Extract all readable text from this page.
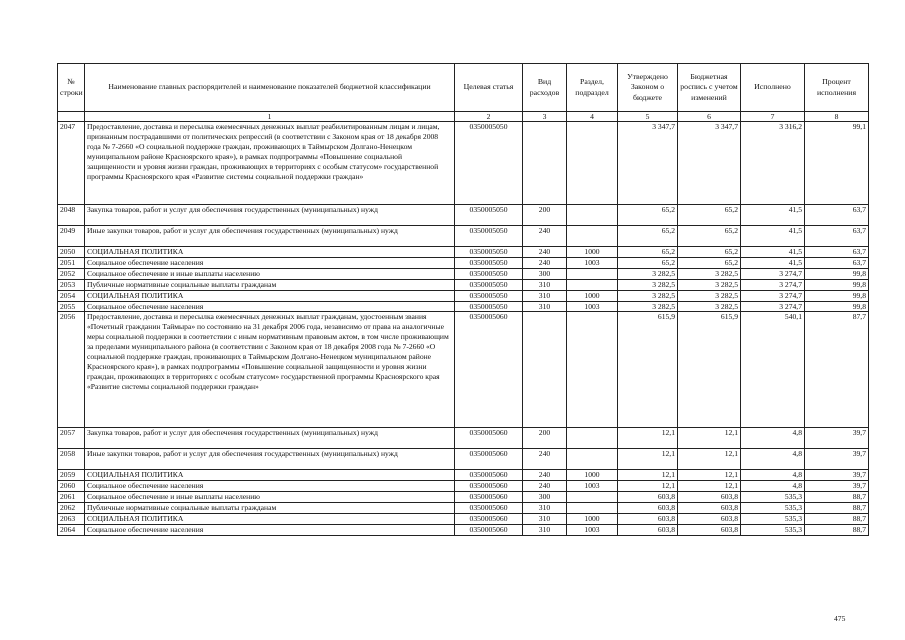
№ строки	Наименование главных распорядителей и наименование показателей бюджетной классификации	Целевая статья	Вид расходов	Раздел, подраздел	Утверждено Законом о бюджете	Бюджетная роспись с учетом изменений	Исполнено	Процент исполнения
	1	2	3	4	5	6	7	8
2047	Предоставление, доставка и пересылка ежемесячных денежных выплат реабилитированным лицам и лицам, признанным пострадавшими от политических репрессий (в соответствии с Законом края от 18 декабря 2008 года № 7-2660 «О социальной поддержке граждан, проживающих в Таймырском Долгано-Ненецком муниципальном районе Красноярского края»), в рамках подпрограммы «Повышение социальной защищенности и уровня жизни граждан, проживающих в территориях с особым статусом» государственной программы Красноярского края «Развитие системы социальной поддержки граждан»	0350005050			3 347,7	3 347,7	3 316,2	99,1
2048	Закупка товаров, работ и услуг для обеспечения государственных (муниципальных) нужд	0350005050	200		65,2	65,2	41,5	63,7
2049	Иные закупки товаров, работ и услуг для обеспечения государственных (муниципальных) нужд	0350005050	240		65,2	65,2	41,5	63,7
2050	СОЦИАЛЬНАЯ ПОЛИТИКА	0350005050	240	1000	65,2	65,2	41,5	63,7
2051	Социальное обеспечение населения	0350005050	240	1003	65,2	65,2	41,5	63,7
2052	Социальное обеспечение и иные выплаты населению	0350005050	300		3 282,5	3 282,5	3 274,7	99,8
2053	Публичные нормативные социальные выплаты гражданам	0350005050	310		3 282,5	3 282,5	3 274,7	99,8
2054	СОЦИАЛЬНАЯ ПОЛИТИКА	0350005050	310	1000	3 282,5	3 282,5	3 274,7	99,8
2055	Социальное обеспечение населения	0350005050	310	1003	3 282,5	3 282,5	3 274,7	99,8
2056	Предоставление, доставка и пересылка ежемесячных денежных выплат гражданам, удостоенным звания «Почетный гражданин Таймыра» по состоянию на 31 декабря 2006 года, независимо от права на аналогичные меры социальной поддержки в соответствии с иным нормативным правовым актом, в том числе проживающим за пределами муниципального района (в соответствии с Законом края от 18 декабря 2008 года № 7-2660 «О социальной поддержке граждан, проживающих в Таймырском Долгано-Ненецком муниципальном районе Красноярского края»), в рамках подпрограммы «Повышение социальной защищенности и уровня жизни граждан, проживающих в территориях с особым статусом» государственной программы Красноярского края «Развитие системы социальной поддержки граждан»	0350005060			615,9	615,9	540,1	87,7
2057	Закупка товаров, работ и услуг для обеспечения государственных (муниципальных) нужд	0350005060	200		12,1	12,1	4,8	39,7
2058	Иные закупки товаров, работ и услуг для обеспечения государственных (муниципальных) нужд	0350005060	240		12,1	12,1	4,8	39,7
2059	СОЦИАЛЬНАЯ ПОЛИТИКА	0350005060	240	1000	12,1	12,1	4,8	39,7
2060	Социальное обеспечение населения	0350005060	240	1003	12,1	12,1	4,8	39,7
2061	Социальное обеспечение и иные выплаты населению	0350005060	300		603,8	603,8	535,3	88,7
2062	Публичные нормативные социальные выплаты гражданам	0350005060	310		603,8	603,8	535,3	88,7
2063	СОЦИАЛЬНАЯ ПОЛИТИКА	0350005060	310	1000	603,8	603,8	535,3	88,7
2064	Социальное обеспечение населения	0350005060	310	1003	603,8	603,8	535,3	88,7
475
